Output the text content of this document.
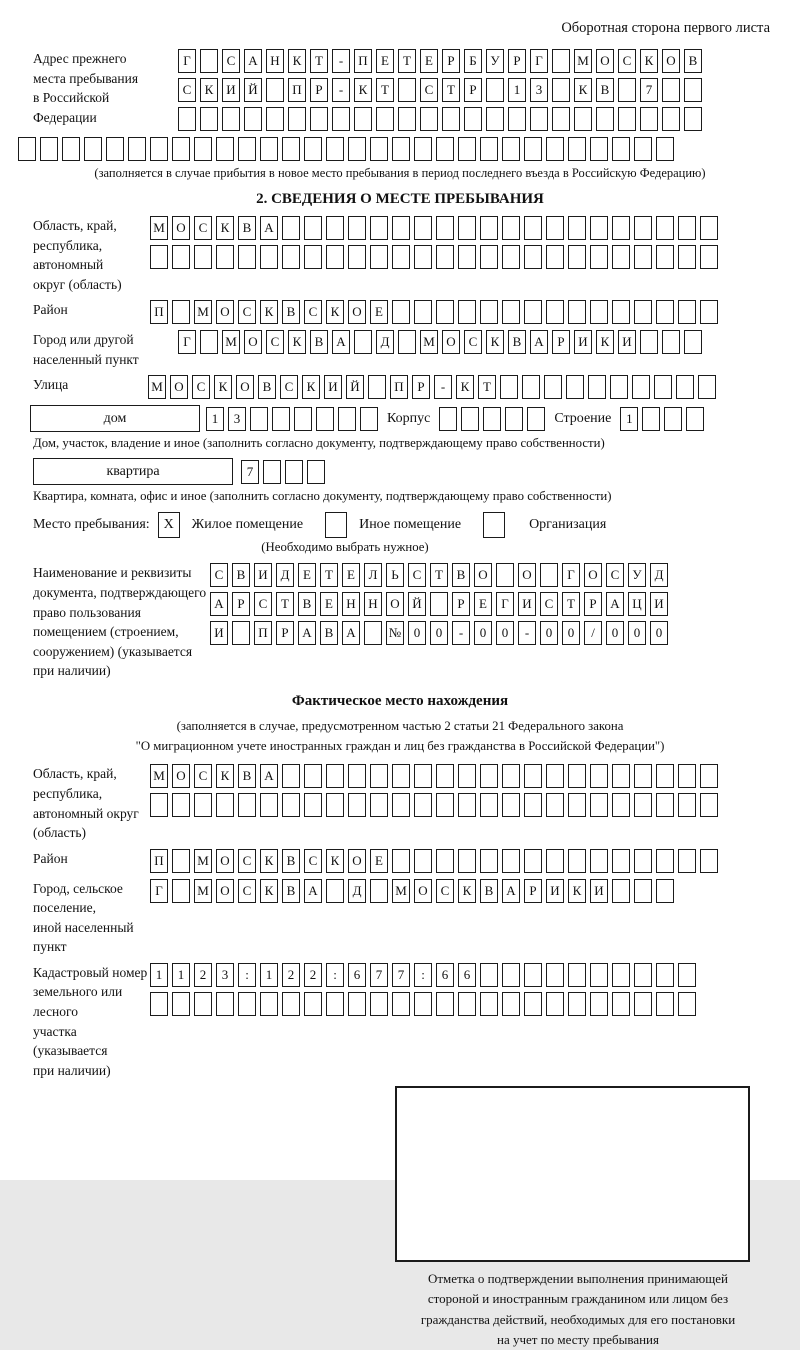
Оборотная сторона первого листа
Адрес прежнего
места пребывания
в Российской
Федерации
Г	С А Н К	Т	-	П	Е	Т	Е	Р	Б	У	Р	Г	М О С	К О В
С	К И Й	П	Р	-	К	Т	С	Т	Р	1	3	К	В	7
(заполняется в случае прибытия в новое место пребывания в период последнего въезда в Российскую Федерацию)
2. СВЕДЕНИЯ О МЕСТЕ ПРЕБЫВАНИЯ
Область, край,
республика,
автономный
округ (область)
М О С	К	В А
Район	П	М О С	К	В	С	К О	Е
Город или другой
населенный пункт
Г	М О С	К	В А	Д	М О С	К	В А	Р	И К И
Улица	М О С	К О В	С	К И Й	П	Р	-	К	Т
дом	1	3	Корпус	Строение	1
Дом, участок, владение и иное (заполнить согласно документу, подтверждающему право собственности)
квартира	7
Квартира, комната, офис и иное (заполнить согласно документу, подтверждающему право собственности)
Место пребывания: X	Жилое помещение	Иное помещение	Организация
(Необходимо выбрать нужное)
Наименование и реквизиты
документа, подтверждающего
право пользования
помещением (строением,
сооружением) (указывается
при наличии)
С	В И Д	Е	Т	Е	Л	Ь	С	Т	В О	О	Г	О С	У Д
А	Р	С	Т	В	Е	Н Н О Й	Р	Е	Г	И С	Т	Р	А Ц И
И	П	Р	А В А	№ 0	0	-	0	0	-	0	0	/	0	0	0
Фактическое место нахождения
(заполняется в случае, предусмотренном частью 2 статьи 21 Федерального закона
"О миграционном учете иностранных граждан и лиц без гражданства в Российской Федерации")
Область, край,
республика,
автономный округ
(область)
М О С	К	В А
Район	П	М О С	К	В	С	К О	Е
Город, сельское поселение,
иной населенный пункт
Г	М О С	К	В А	Д	М О С	К	В А	Р	И К И
Кадастровый номер
земельного или лесного
участка (указывается
при наличии)
1	1	2	3	:	1	2	2	:	6	7	7	:	6	6
Отметка о подтверждении выполнения принимающей
стороной и иностранным гражданином или лицом без
гражданства действий, необходимых для его постановки
на учет по месту пребывания
